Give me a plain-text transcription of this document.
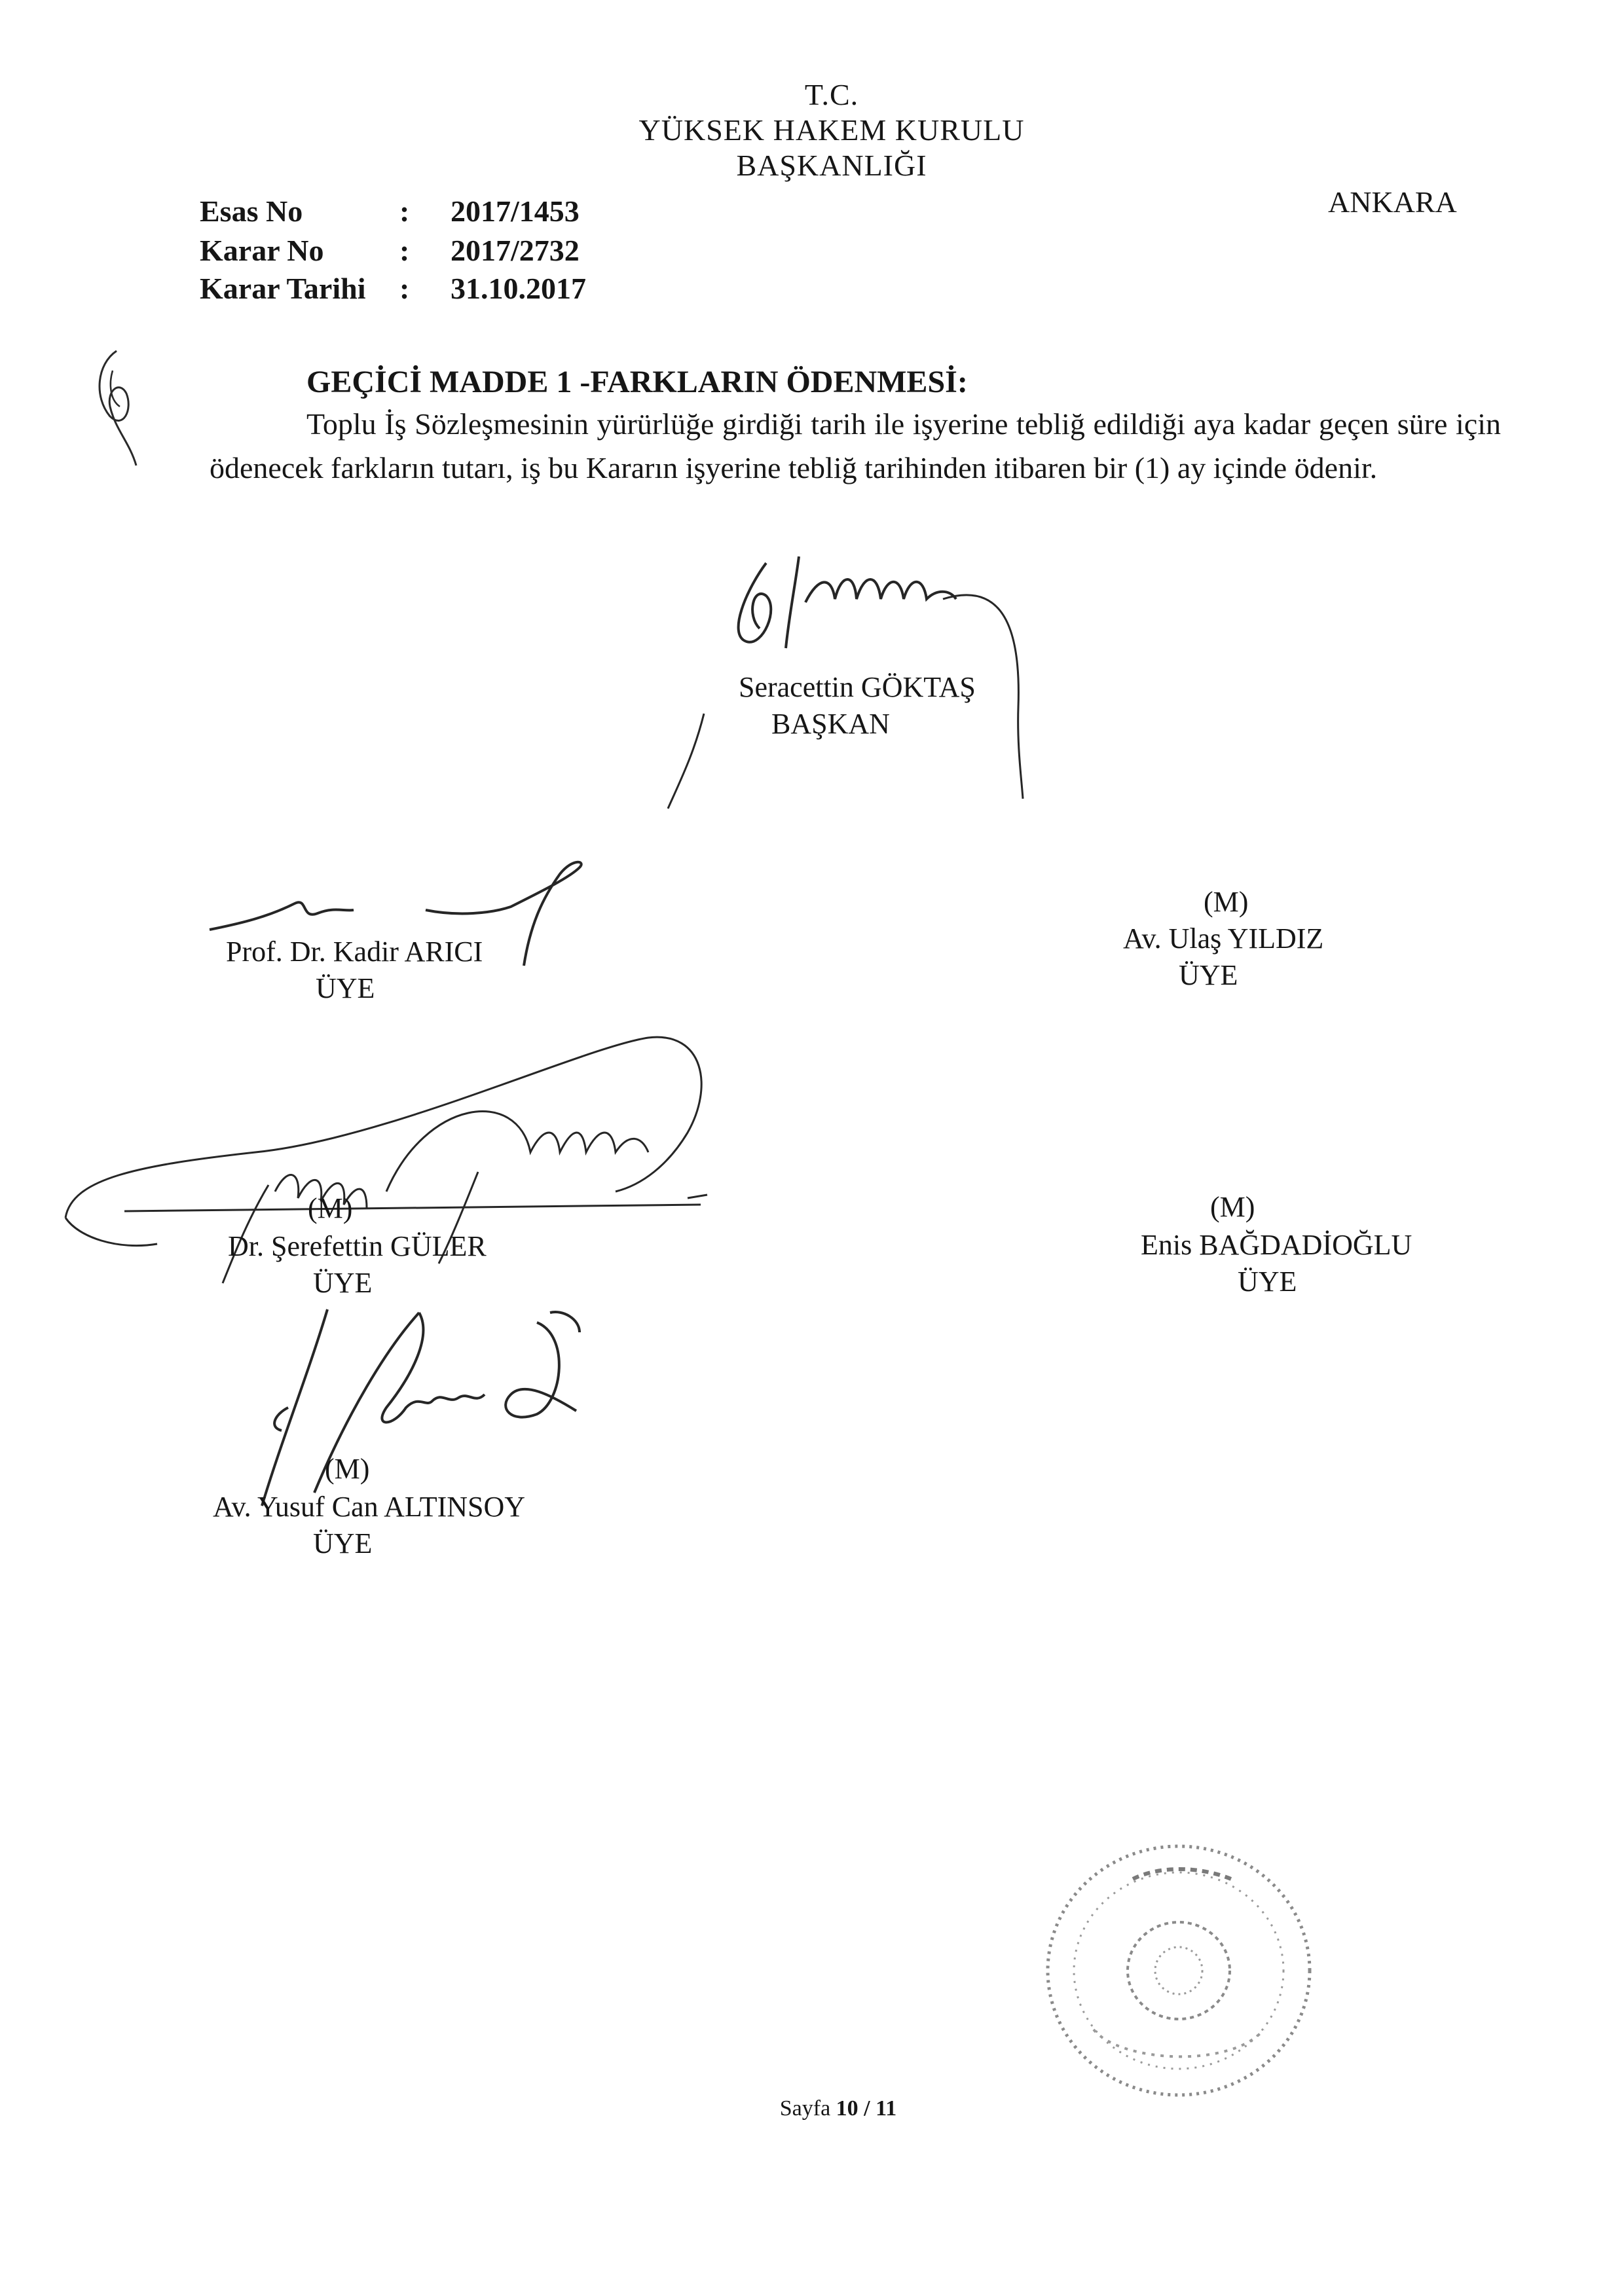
T.C.
YÜKSEK HAKEM KURULU
BAŞKANLIĞI
Esas No	: 2017/1453
Karar No	: 2017/2732
Karar Tarihi : 31.10.2017
ANKARA
GEÇİCİ MADDE 1 -FARKLARIN ÖDENMESİ:
Toplu İş Sözleşmesinin yürürlüğe girdiği tarih ile işyerine tebliğ edildiği aya kadar geçen süre için ödenecek farkların tutarı, iş bu Kararın işyerine tebliğ tarihinden itibaren bir (1) ay içinde ödenir.
Seracettin GÖKTAŞ
BAŞKAN
Prof. Dr. Kadir ARICI
ÜYE
(M)
Av. Ulaş YILDIZ
ÜYE
(M)
Dr. Şerefettin GÜLER
ÜYE
(M)
Enis BAĞDADİOĞLU
ÜYE
(M)
Av. Yusuf Can ALTINSOY
ÜYE
Sayfa 10 / 11
